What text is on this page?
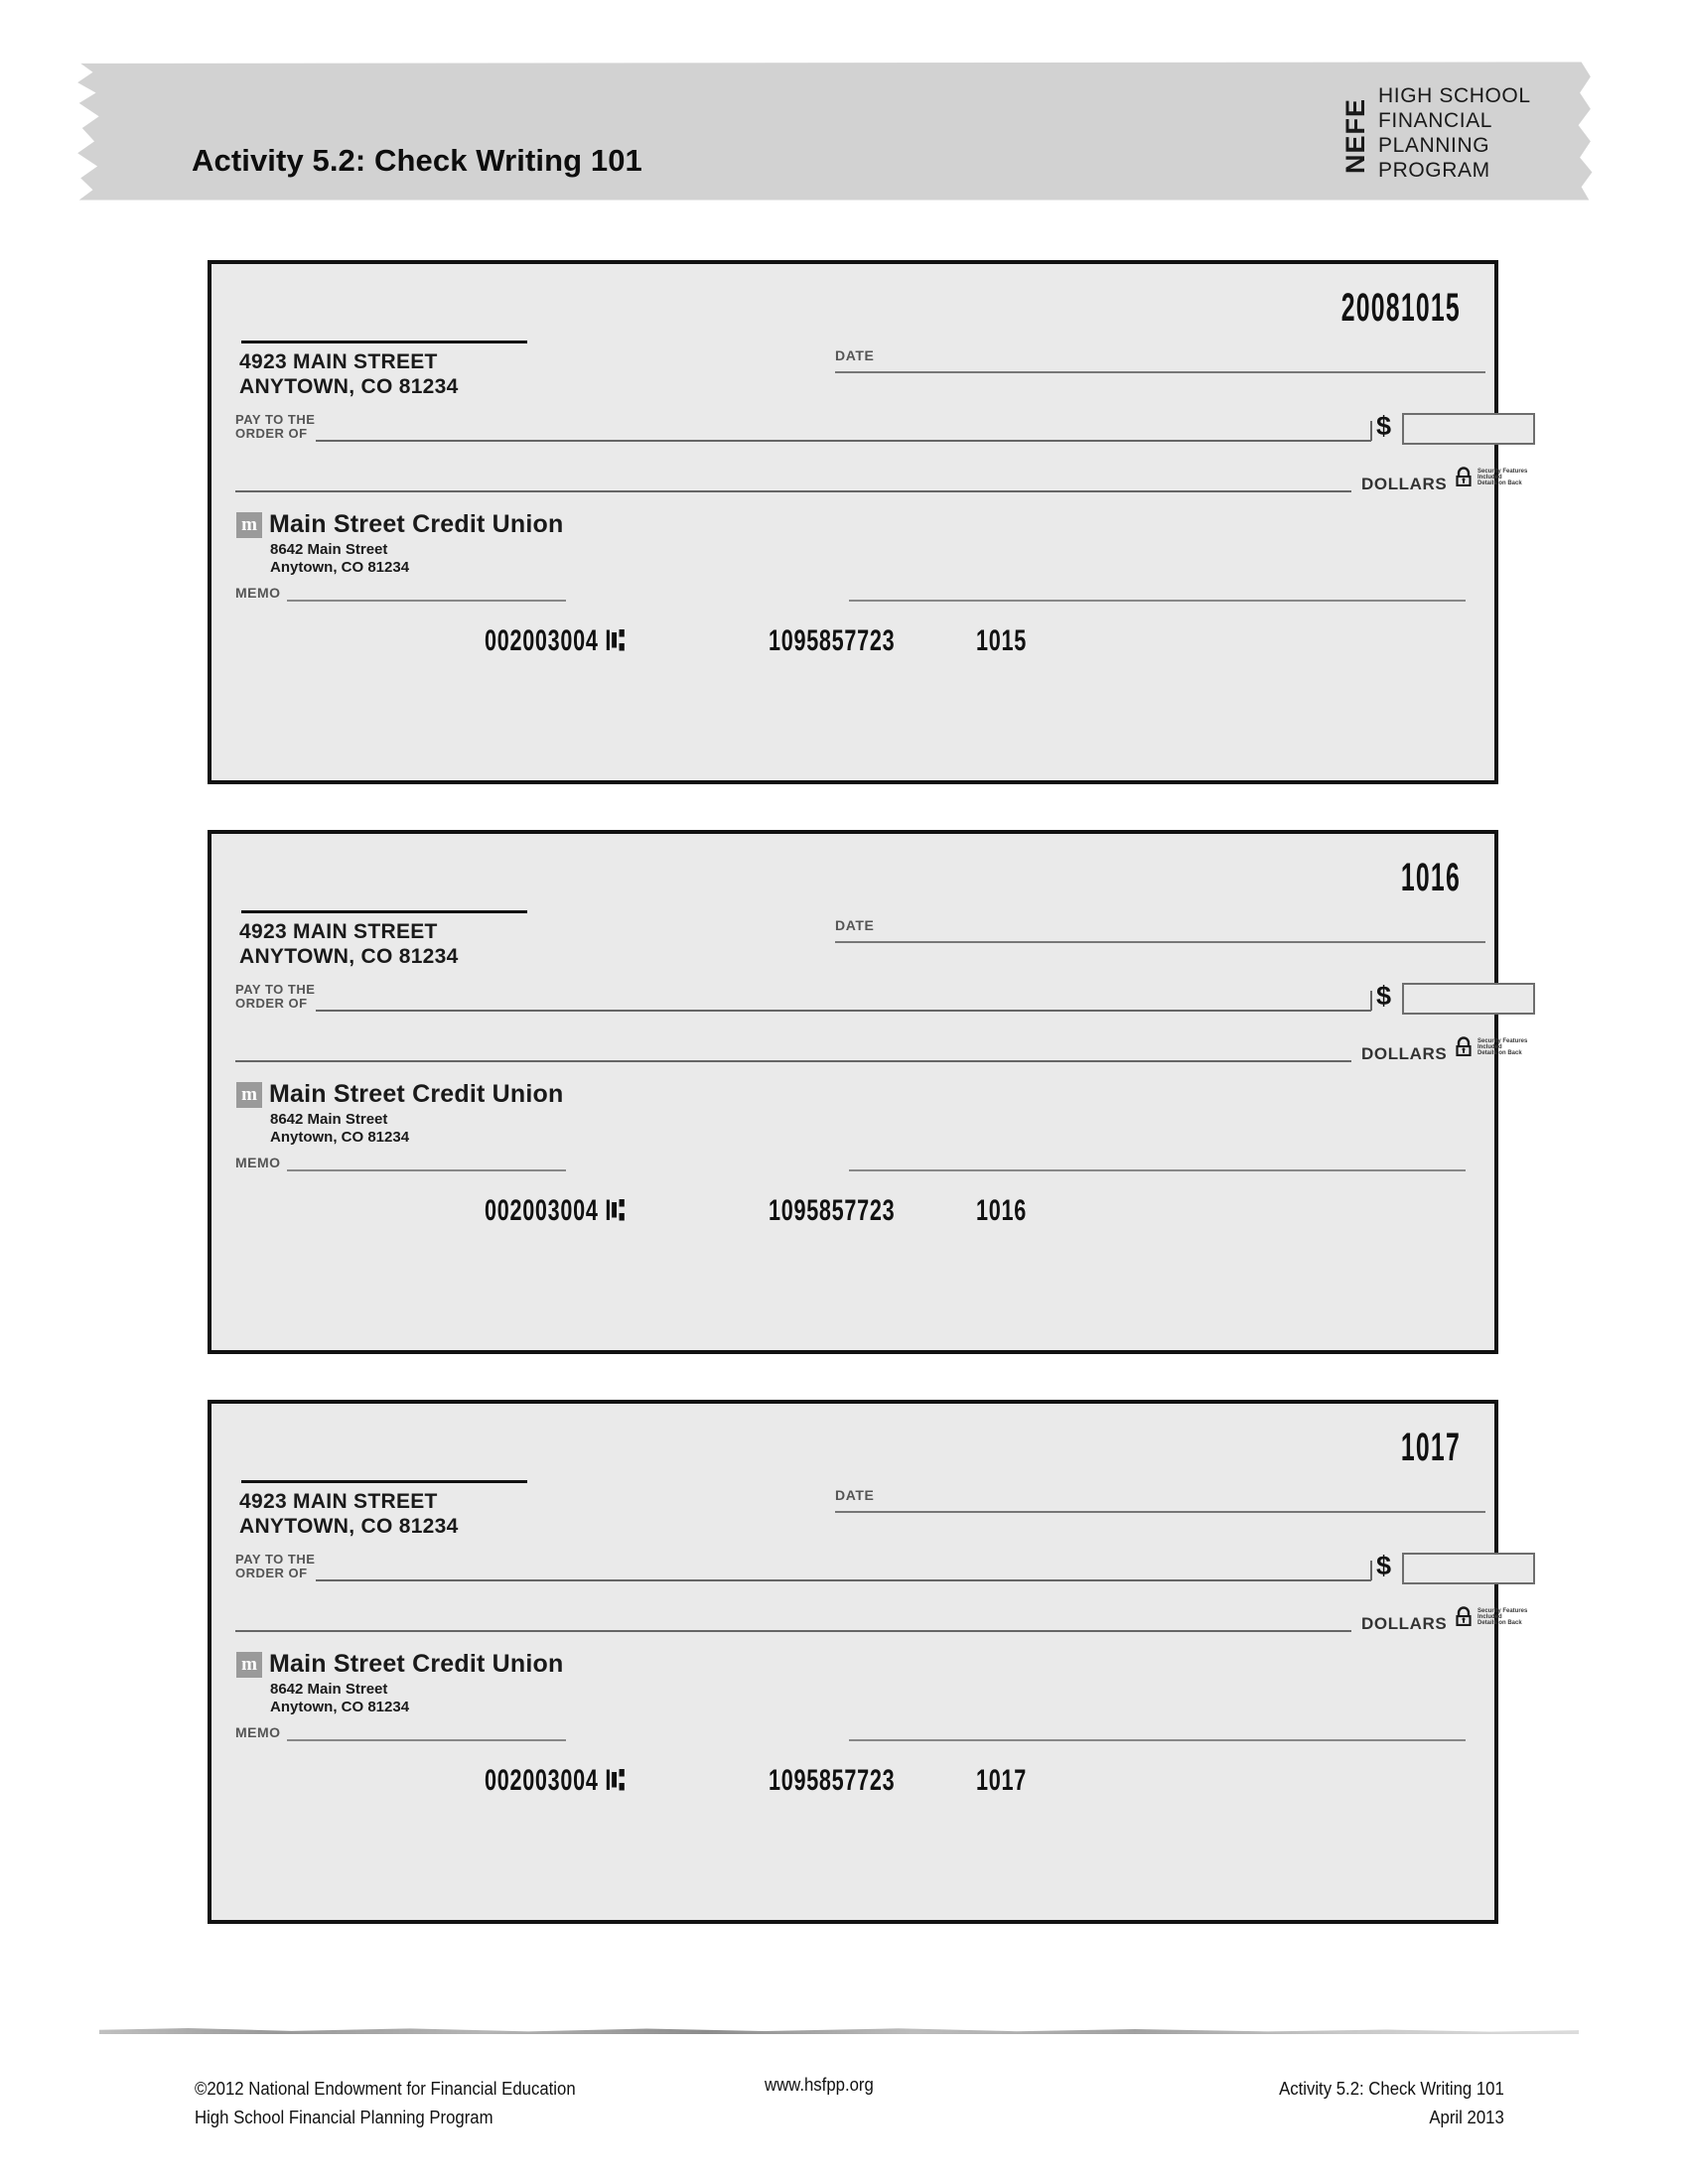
Activity 5.2: Check Writing 101	NEFE
HIGH SCHOOL
FINANCIAL
PLANNING
PROGRAM
20081015
4923 MAIN STREET
ANYTOWN, CO 81234
DATE
PAY TO THE
ORDER OF	$
DOLLARS
Security Features
Included
Details on Back
m Main Street Credit Union
8642 Main Street
Anytown, CO 81234
MEMO
002003004 I⑆	1095857723	1015
1016
4923 MAIN STREET
ANYTOWN, CO 81234
DATE
PAY TO THE
ORDER OF	$
DOLLARS
Security Features
Included
Details on Back
m Main Street Credit Union
8642 Main Street
Anytown, CO 81234
MEMO
002003004 I⑆	1095857723	1016
1017
4923 MAIN STREET
ANYTOWN, CO 81234
DATE
PAY TO THE
ORDER OF	$
DOLLARS
Security Features
Included
Details on Back
m Main Street Credit Union
8642 Main Street
Anytown, CO 81234
MEMO
002003004 I⑆	1095857723	1017
©2012 National Endowment for Financial Education
High School Financial Planning Program
www.hsfpp.org	Activity 5.2: Check Writing 101
April 2013
